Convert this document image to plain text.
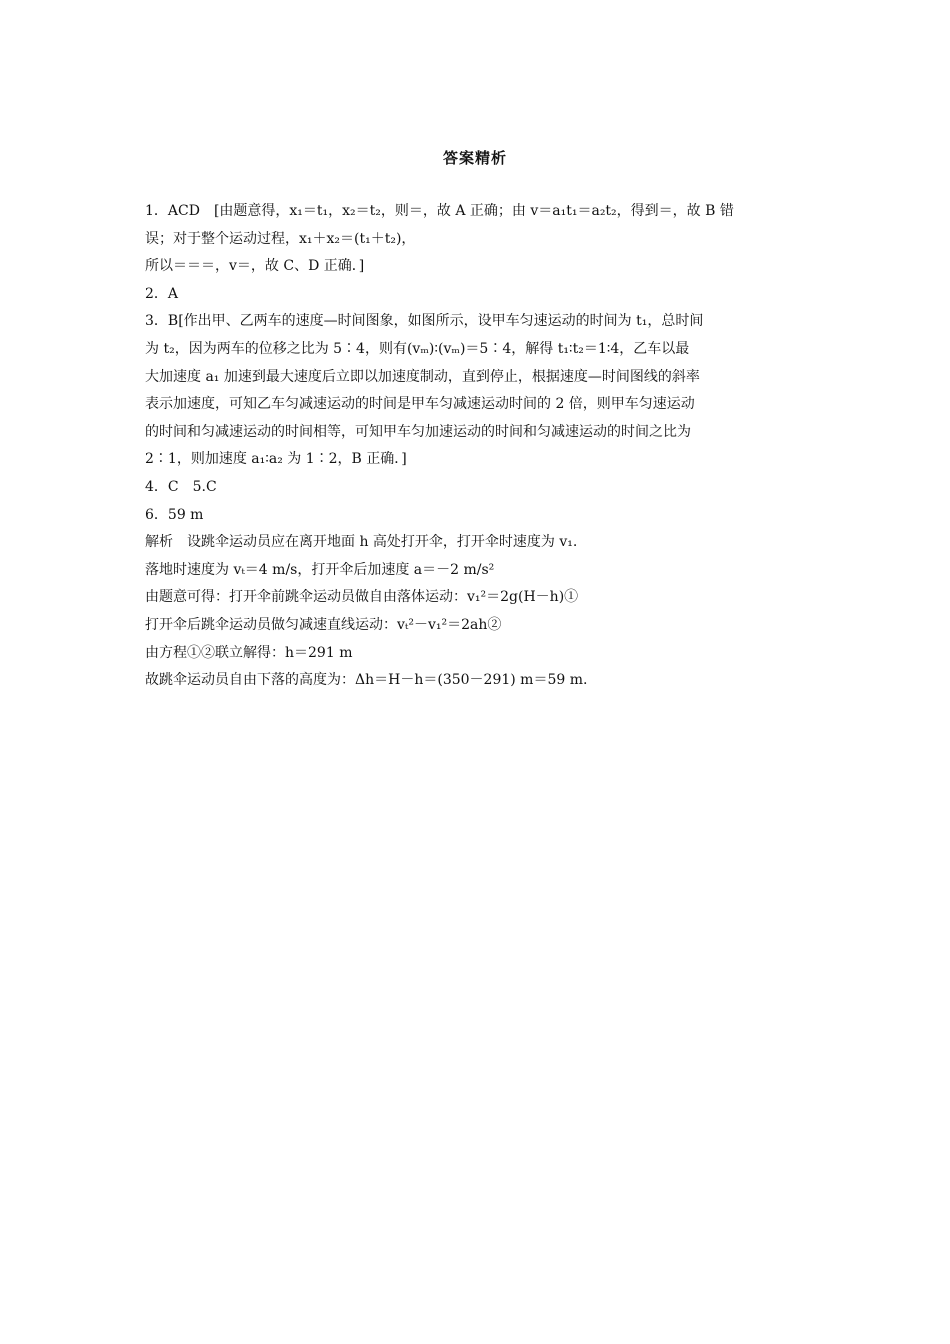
答案精析
1．ACD　[由题意得，x₁＝t₁，x₂＝t₂，则＝，故 A 正确；由 v＝a₁t₁＝a₂t₂，得到＝，故 B 错
误；对于整个运动过程，x₁＋x₂＝(t₁＋t₂)，
所以＝＝＝，v＝，故 C、D 正确．]
2．A
3．B[作出甲、乙两车的速度—时间图象，如图所示，设甲车匀速运动的时间为 t₁，总时间
为 t₂，因为两车的位移之比为 5∶4，则有(vₘ)∶(vₘ)＝5∶4，解得 t₁∶t₂＝1∶4，乙车以最
大加速度 a₁ 加速到最大速度后立即以加速度制动，直到停止，根据速度—时间图线的斜率
表示加速度，可知乙车匀减速运动的时间是甲车匀减速运动时间的 2 倍，则甲车匀速运动
的时间和匀减速运动的时间相等，可知甲车匀加速运动的时间和匀减速运动的时间之比为
2∶1，则加速度 a₁∶a₂ 为 1∶2，B 正确．]
4．C　5.C
6．59 m
解析　设跳伞运动员应在离开地面 h 高处打开伞，打开伞时速度为 v₁.
落地时速度为 vₜ＝4 m/s，打开伞后加速度 a＝－2 m/s²
由题意可得：打开伞前跳伞运动员做自由落体运动：v₁²＝2g(H－h)①
打开伞后跳伞运动员做匀减速直线运动：vₜ²－v₁²＝2ah②
由方程①②联立解得：h＝291 m
故跳伞运动员自由下落的高度为：Δh＝H－h＝(350－291) m＝59 m.
